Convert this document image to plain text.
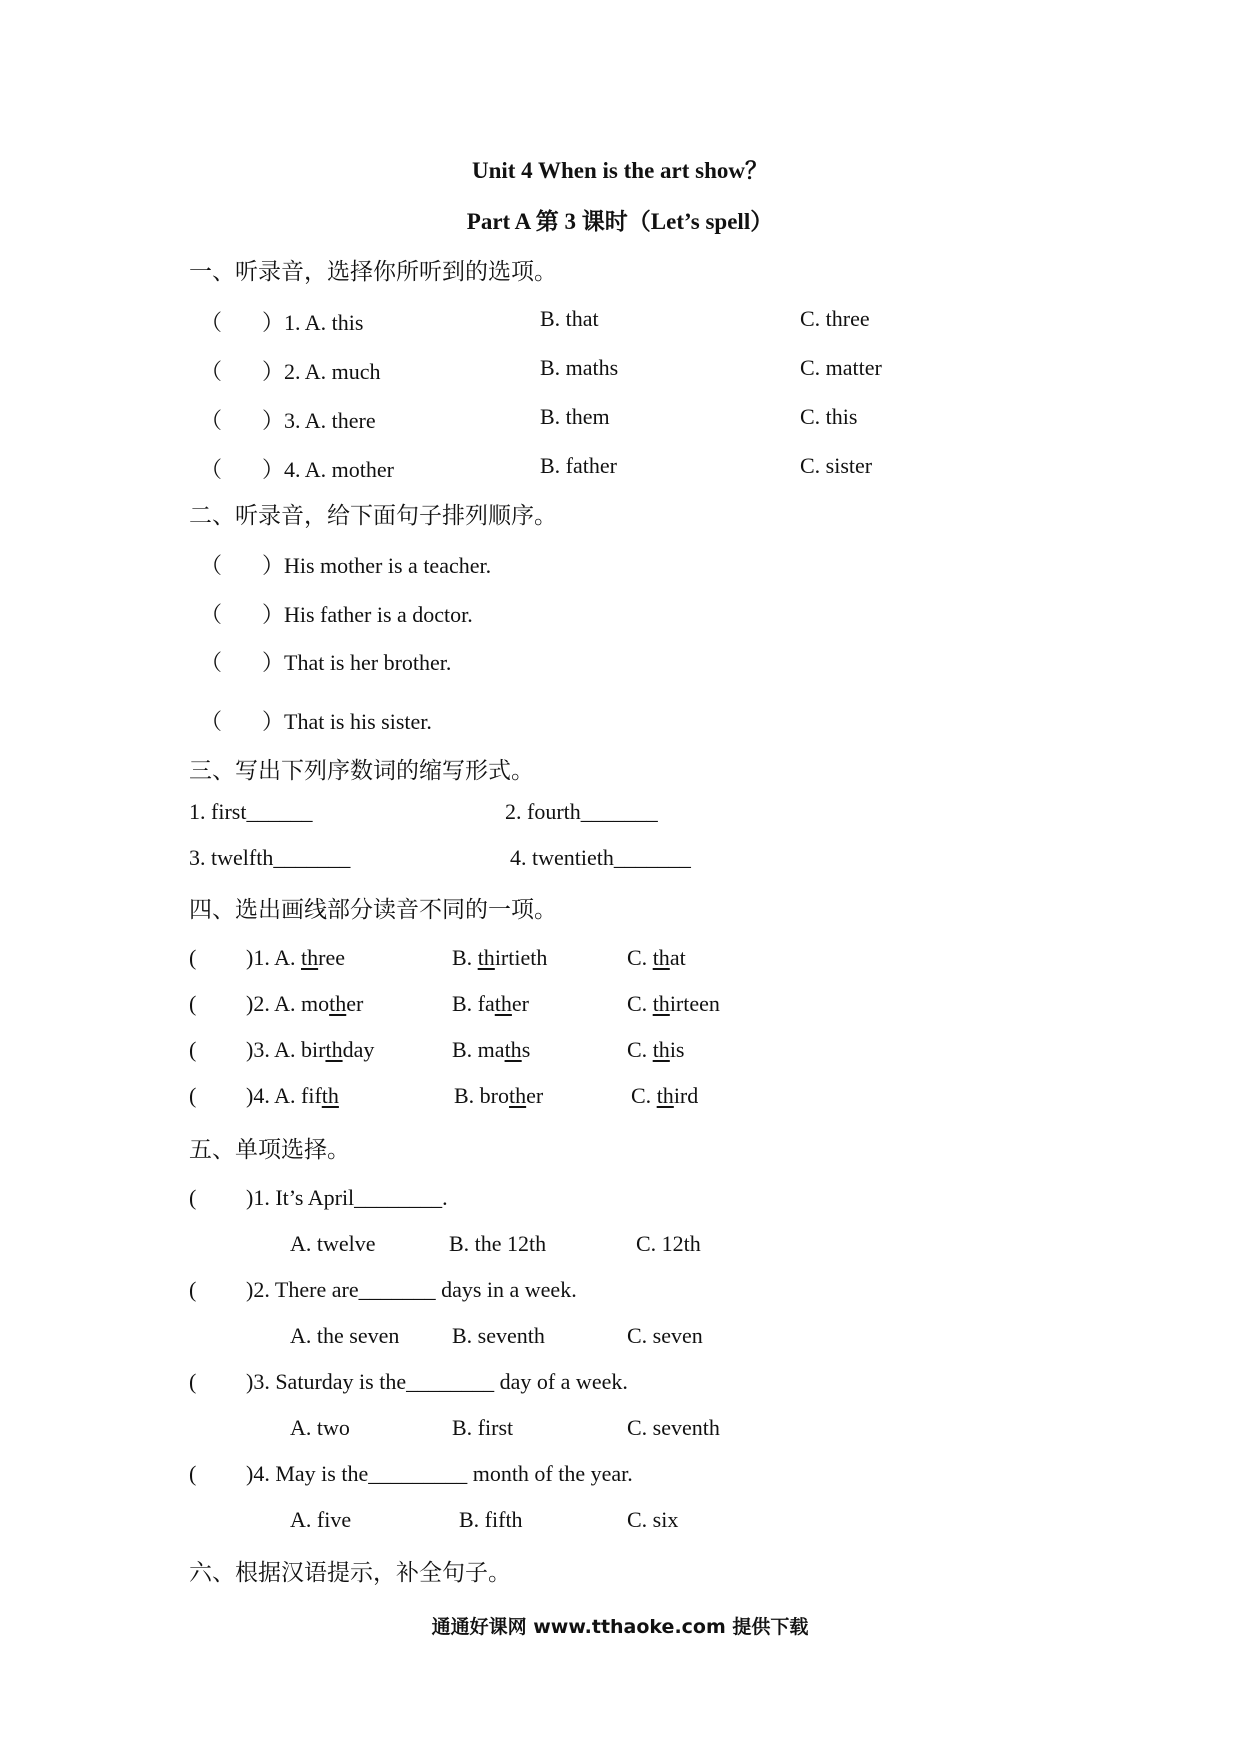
Unit 4 When is the art show？
Part A 第 3 课时（Let’s spell）
一、听录音，选择你所听到的选项。
（ ）1. A. this	B. that	C. three
（ ）2. A. much	B. maths	C. matter
（ ）3. A. there	B. them	C. this
（ ）4. A. mother	B. father	C. sister
二、听录音，给下面句子排列顺序。
（ ）His mother is a teacher.
（ ）His father is a doctor.
（ ）That is her brother.
（ ）That is his sister.
三、写出下列序数词的缩写形式。
1. first______	2. fourth_______
3. twelfth_______	4. twentieth_______
四、选出画线部分读音不同的一项。
( )1. A. three	B. thirtieth	C. that
( )2. A. mother	B. father	C. thirteen
( )3. A. birthday	B. maths	C. this
( )4. A. fifth	B. brother	C. third
五、单项选择。
( )1. It’s April________.
A. twelve	B. the 12th	C. 12th
( )2. There are_______ days in a week.
A. the seven B. seventh	C. seven
( )3. Saturday is the________ day of a week.
A. two	B. first	C. seventh
( )4. May is the_________ month of the year.
A. five	B. fifth	C. six
六、根据汉语提示，补全句子。
通通好课网 www.tthaoke.com 提供下载
